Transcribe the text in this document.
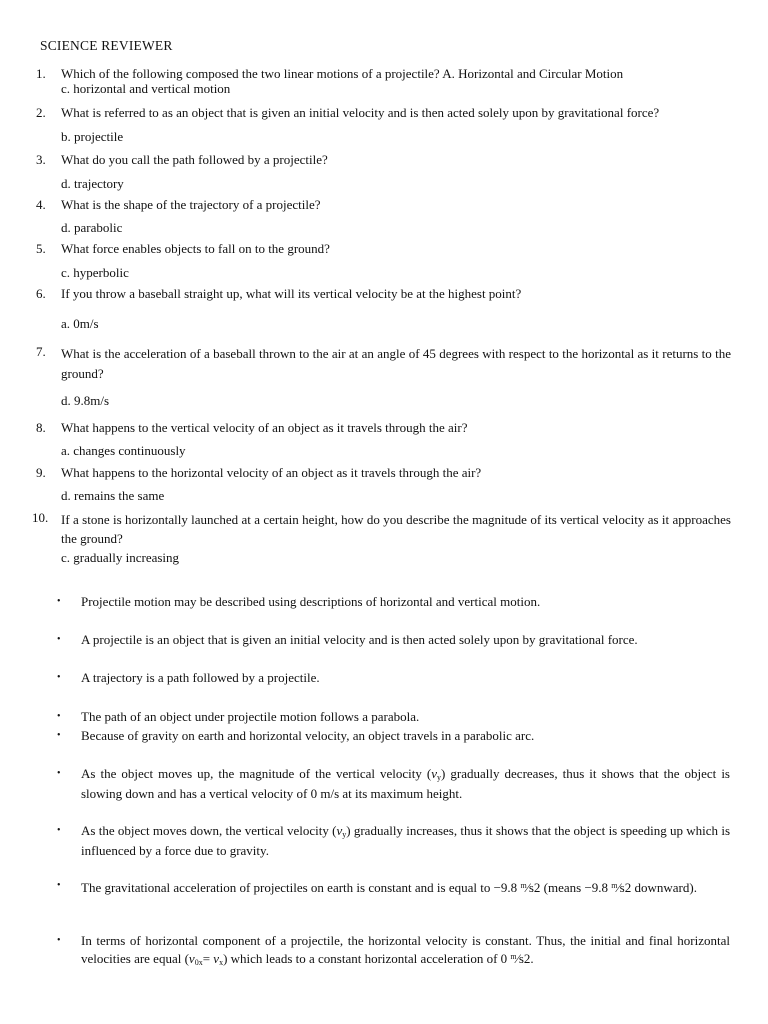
SCIENCE REVIEWER
1.	Which of the following composed the two linear motions of a projectile? A. Horizontal and Circular Motion
c. horizontal and vertical motion
2.	What is referred to as an object that is given an initial velocity and is then acted solely upon by gravitational force?
b. projectile
3.	What do you call the path followed by a projectile?
d. trajectory
4.	What is the shape of the trajectory of a projectile?
d. parabolic
5.	What force enables objects to fall on to the ground?
c. hyperbolic
6.	If you throw a baseball straight up, what will its vertical velocity be at the highest point?
a. 0m/s
7.	What is the acceleration of a baseball thrown to the air at an angle of 45 degrees with respect to the horizontal as it returns to the ground?
d. 9.8m/s
8.	What happens to the vertical velocity of an object as it travels through the air?
a. changes continuously
9.	What happens to the horizontal velocity of an object as it travels through the air?
d. remains the same
10. If a stone is horizontally launched at a certain height, how do you describe the magnitude of its vertical velocity as it approaches the ground?
c. gradually increasing
• Projectile motion may be described using descriptions of horizontal and vertical motion.
• A projectile is an object that is given an initial velocity and is then acted solely upon by gravitational force.
• A trajectory is a path followed by a projectile.
• The path of an object under projectile motion follows a parabola.
• Because of gravity on earth and horizontal velocity, an object travels in a parabolic arc.
• As the object moves up, the magnitude of the vertical velocity $(v_y)$ gradually decreases, thus it shows that the object is slowing down and has a vertical velocity of 0 m/s at its maximum height.
• As the object moves down, the vertical velocity $(v_y)$ gradually increases, thus it shows that the object is speeding up which is influenced by a force due to gravity.
• The gravitational acceleration of projectiles on earth is constant and is equal to −9.8 $^m$⁄s2 (means −9.8 $^m$⁄s2 downward).
• In terms of horizontal component of a projectile, the horizontal velocity is constant. Thus, the initial and final horizontal velocities are equal $(v_{0x}= v_x)$ which leads to a constant horizontal acceleration of 0 $^m$⁄s2.
